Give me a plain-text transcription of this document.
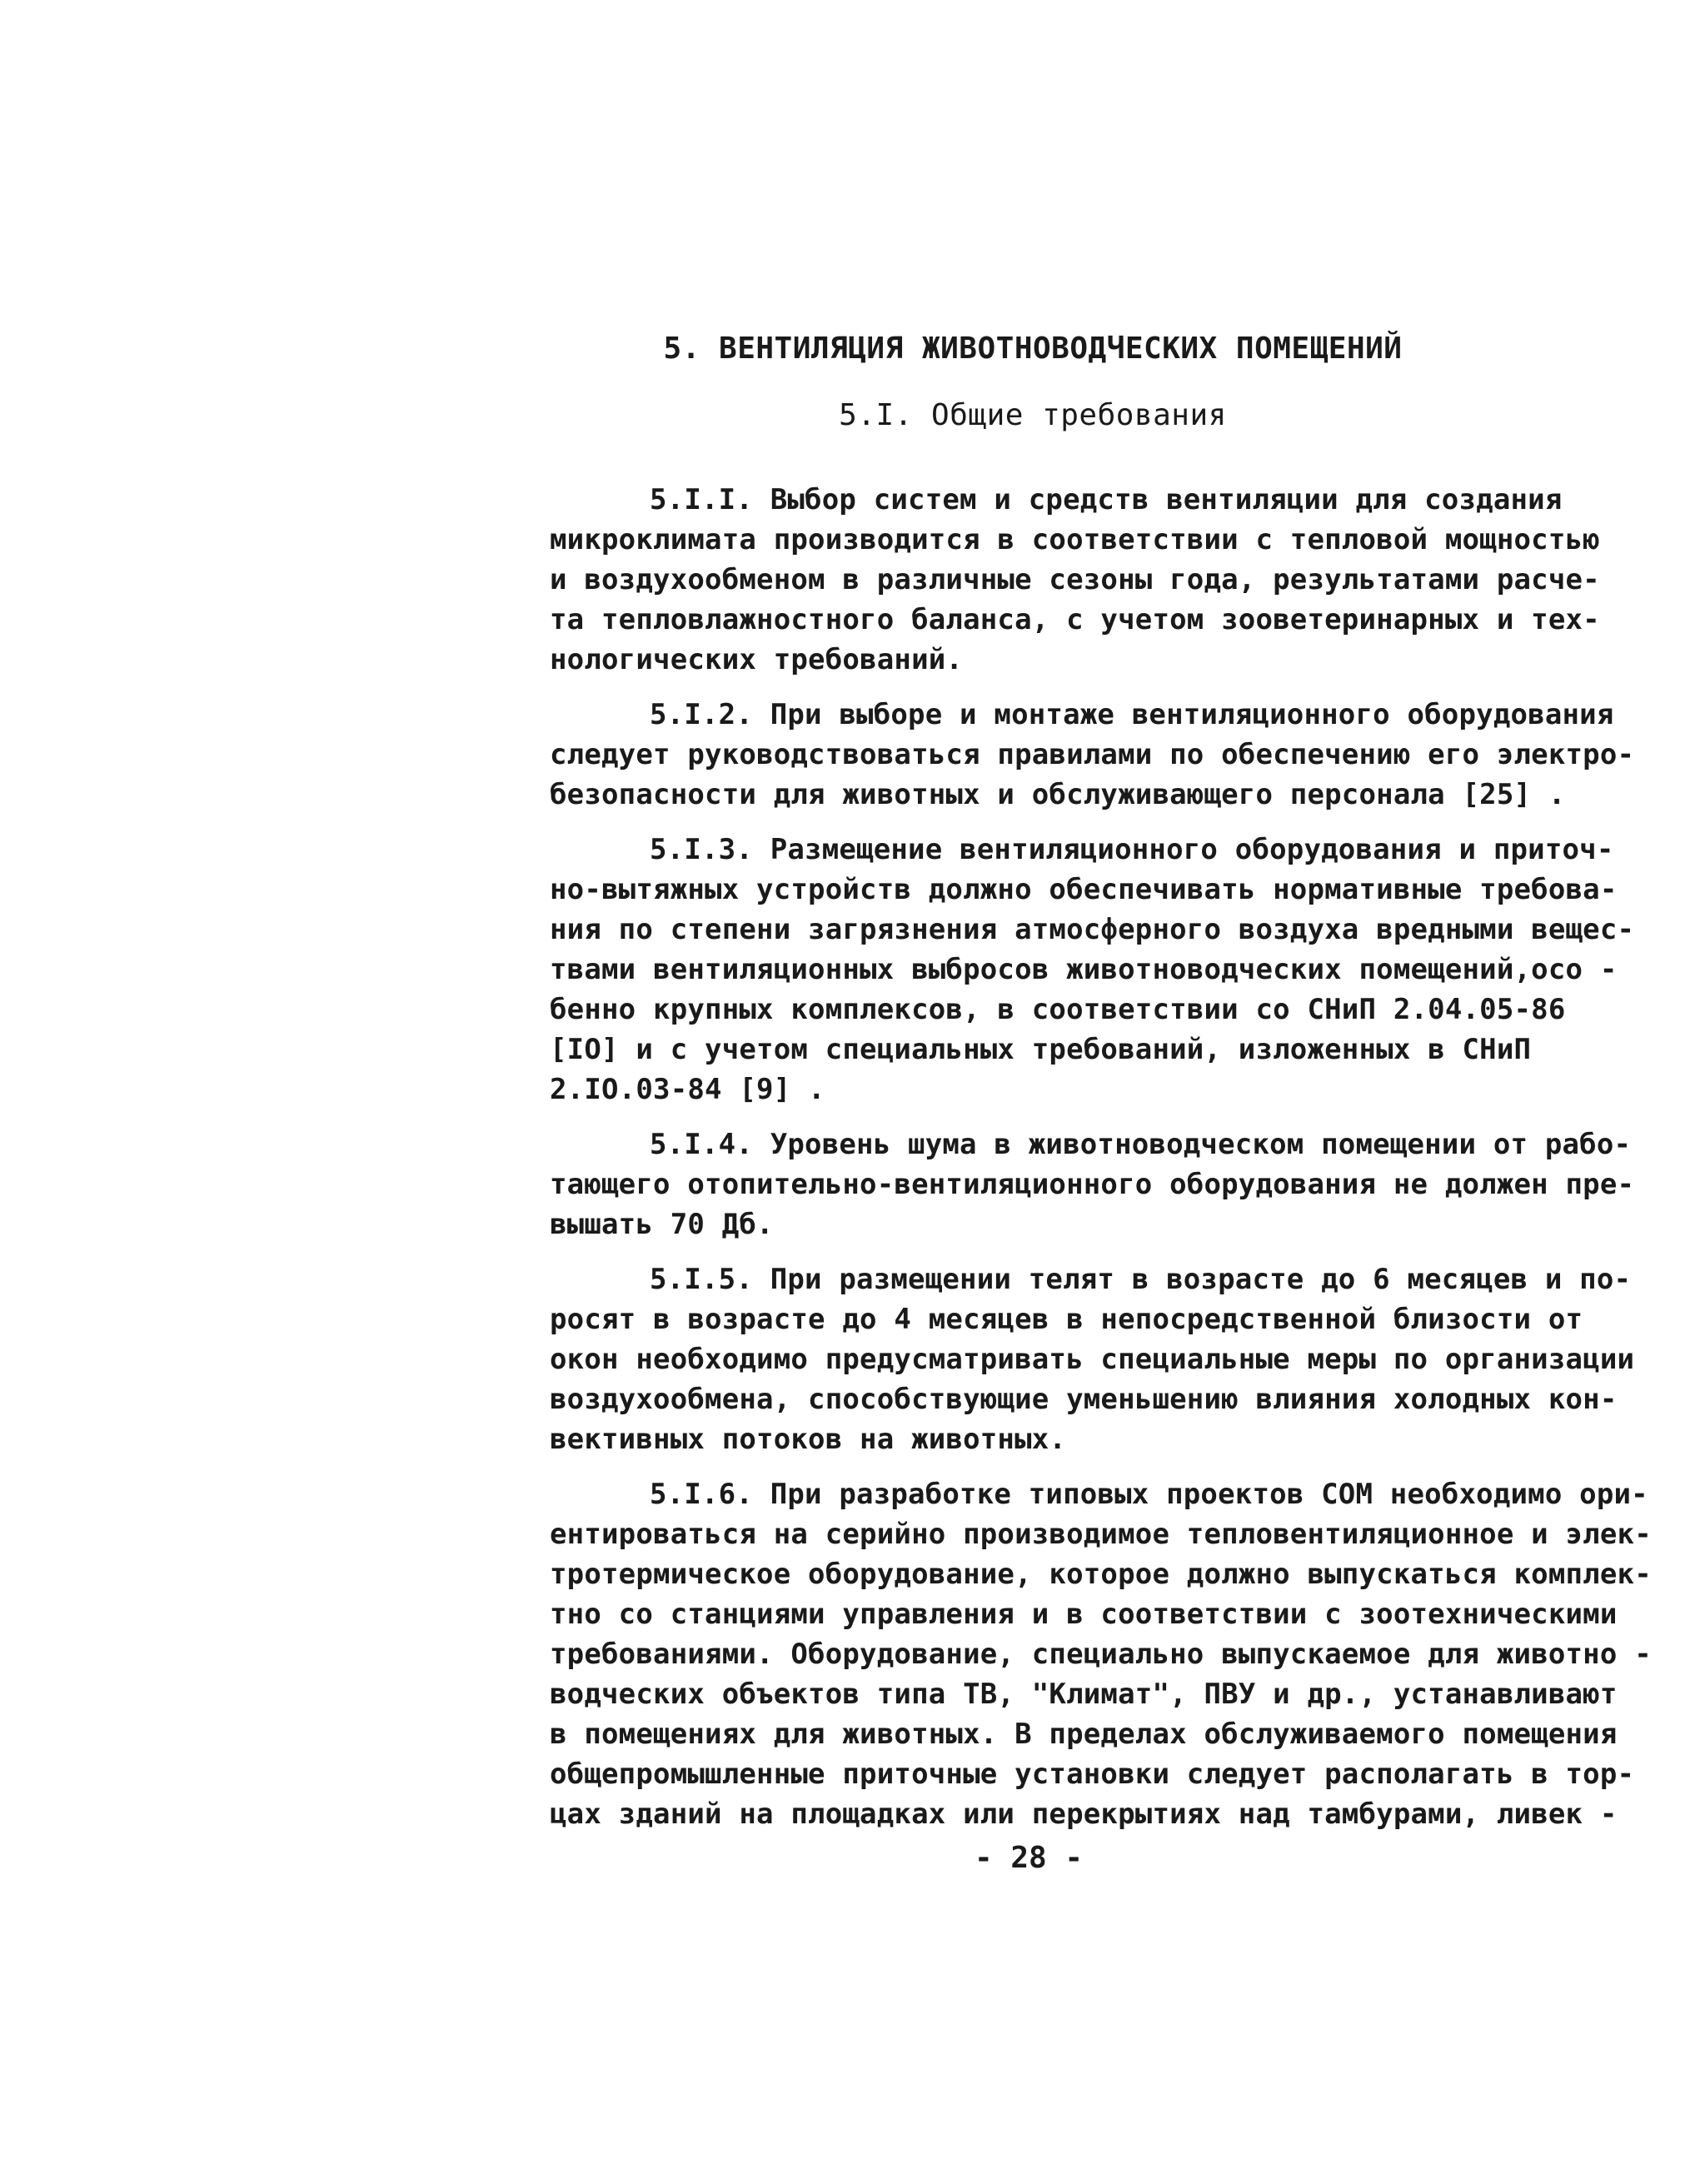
5. ВЕНТИЛЯЦИЯ ЖИВОТНОВОДЧЕСКИХ ПОМЕЩЕНИЙ
5.I. Общие требования
5.I.I. Выбор систем и средств вентиляции для создания
микроклимата производится в соответствии с тепловой мощностью
и воздухообменом в различные сезоны года, результатами расче-
та тепловлажностного баланса, с учетом зооветеринарных и тех-
нологических требований.
5.I.2. При выборе и монтаже вентиляционного оборудования
следует руководствоваться правилами по обеспечению его электро-
безопасности для животных и обслуживающего персонала [25] .
5.I.3. Размещение вентиляционного оборудования и приточ-
но-вытяжных устройств должно обеспечивать нормативные требова-
ния по степени загрязнения атмосферного воздуха вредными вещес-
твами вентиляционных выбросов животноводческих помещений,осо -
бенно крупных комплексов, в соответствии со СНиП 2.04.05-86
[IO] и с учетом специальных требований, изложенных в СНиП
2.IO.03-84 [9] .
5.I.4. Уровень шума в животноводческом помещении от рабо-
тающего отопительно-вентиляционного оборудования не должен пре-
вышать 70 Дб.
5.I.5. При размещении телят в возрасте до 6 месяцев и по-
росят в возрасте до 4 месяцев в непосредственной близости от
окон необходимо предусматривать специальные меры по организации
воздухообмена, способствующие уменьшению влияния холодных кон-
вективных потоков на животных.
5.I.6. При разработке типовых проектов СОМ необходимо ори-
ентироваться на серийно производимое тепловентиляционное и элек-
тротермическое оборудование, которое должно выпускаться комплек-
тно со станциями управления и в соответствии с зоотехническими
требованиями. Оборудование, специально выпускаемое для животно -
водческих объектов типа ТВ, "Климат", ПВУ и др., устанавливают
в помещениях для животных. В пределах обслуживаемого помещения
общепромышленные приточные установки следует располагать в тор-
цах зданий на площадках или перекрытиях над тамбурами, ливек -
- 28 -
